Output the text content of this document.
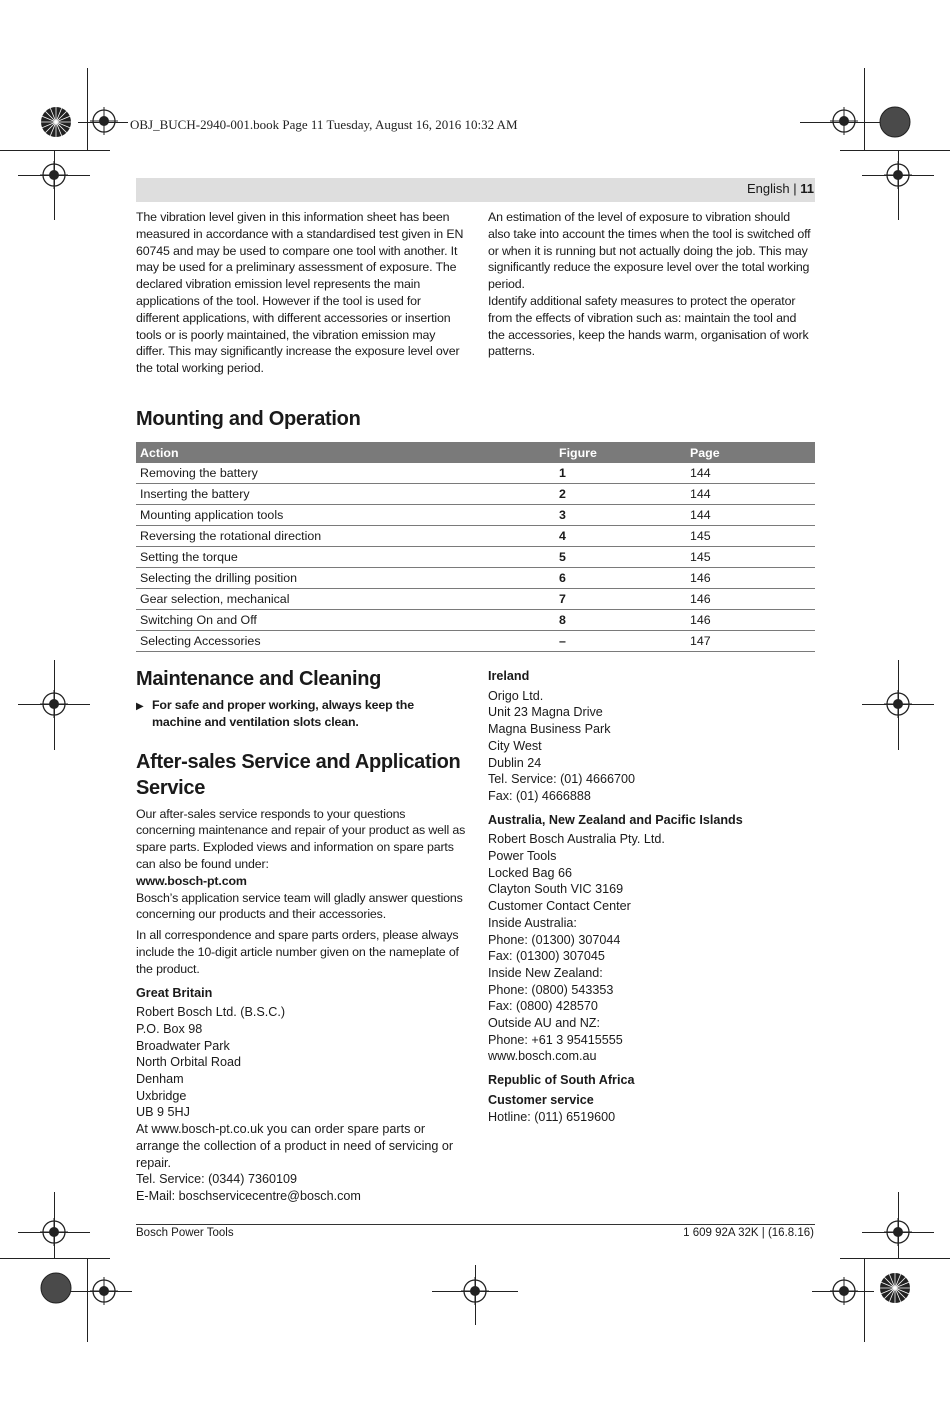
OBJ_BUCH-2940-001.book Page 11 Tuesday, August 16, 2016 10:32 AM
English | 11

The vibration level given in this information sheet has been measured in accordance with a standardised test given in EN 60745 and may be used to compare one tool with another. It may be used for a preliminary assessment of exposure. The declared vibration emission level represents the main applications of the tool. However if the tool is used for different applications, with different accessories or insertion tools or is poorly maintained, the vibration emission may differ. This may significantly increase the exposure level over the total working period.

An estimation of the level of exposure to vibration should also take into account the times when the tool is switched off or when it is running but not actually doing the job. This may significantly reduce the exposure level over the total working period.

Identify additional safety measures to protect the operator from the effects of vibration such as: maintain the tool and the accessories, keep the hands warm, organisation of work patterns.

Mounting and Operation
Action	Figure	Page
Removing the battery	1	144
Inserting the battery	2	144
Mounting application tools	3	144
Reversing the rotational direction	4	145
Setting the torque	5	145
Selecting the drilling position	6	146
Gear selection, mechanical	7	146
Switching On and Off	8	146
Selecting Accessories	–	147
Maintenance and Cleaning
▶ For safe and proper working, always keep the machine and ventilation slots clean.
After-sales Service and Application Service

Our after-sales service responds to your questions concerning maintenance and repair of your product as well as spare parts. Exploded views and information on spare parts can also be found under:

www.bosch-pt.com

Bosch’s application service team will gladly answer questions concerning our products and their accessories.

In all correspondence and spare parts orders, please always include the 10-digit article number given on the nameplate of the product.

Great Britain

Robert Bosch Ltd. (B.S.C.)

P.O. Box 98

Broadwater Park

North Orbital Road

Denham

Uxbridge

UB 9 5HJ

At www.bosch-pt.co.uk you can order spare parts or arrange the collection of a product in need of servicing or repair.

Tel. Service: (0344) 7360109

E-Mail: boschservicecentre@bosch.com

Ireland

Origo Ltd.

Unit 23 Magna Drive

Magna Business Park

City West

Dublin 24

Tel. Service: (01) 4666700

Fax: (01) 4666888

Australia, New Zealand and Pacific Islands

Robert Bosch Australia Pty. Ltd.

Power Tools

Locked Bag 66

Clayton South VIC 3169

Customer Contact Center

Inside Australia:

Phone: (01300) 307044

Fax: (01300) 307045

Inside New Zealand:

Phone: (0800) 543353

Fax: (0800) 428570

Outside AU and NZ:

Phone: +61 3 95415555

www.bosch.com.au

Republic of South Africa

Customer service

Hotline: (011) 6519600

Bosch Power Tools	1 609 92A 32K | (16.8.16)
